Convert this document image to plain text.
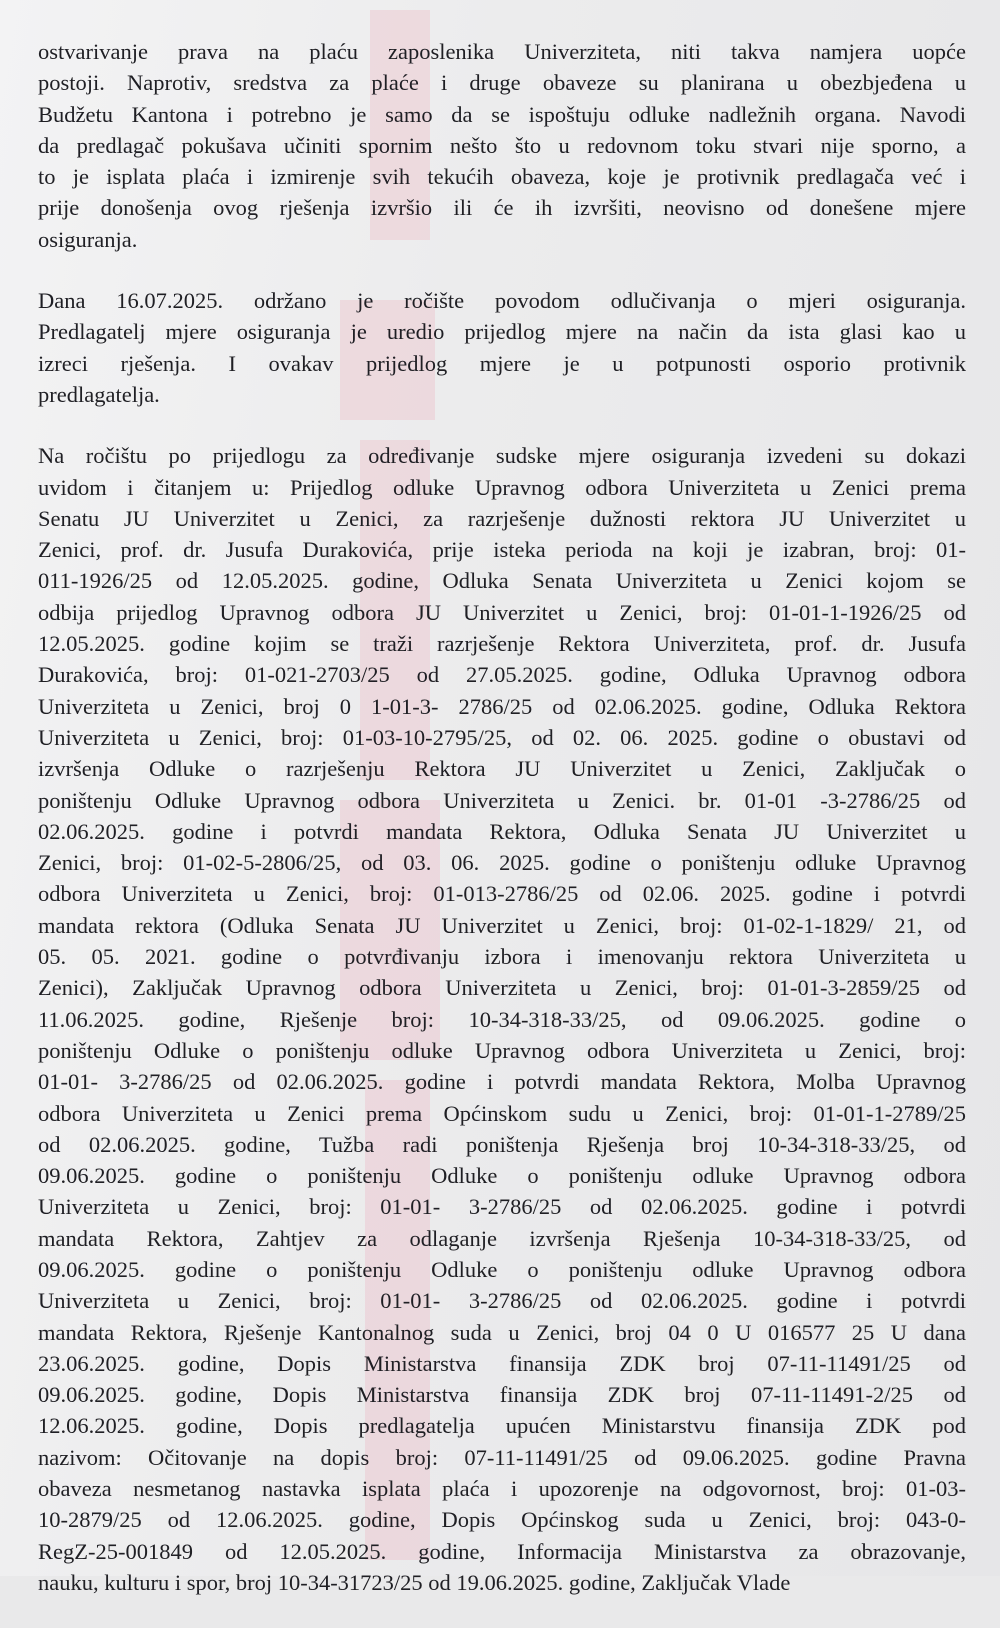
ostvarivanje prava na plaću zaposlenika Univerziteta, niti takva namjera uopće
postoji. Naprotiv, sredstva za plaće i druge obaveze su planirana u obezbjeđena u
Budžetu Kantona i potrebno je samo da se ispoštuju odluke nadležnih organa. Navodi
da predlagač pokušava učiniti spornim nešto što u redovnom toku stvari nije sporno, a
to je isplata plaća i izmirenje svih tekućih obaveza, koje je protivnik predlagača već i
prije donošenja ovog rješenja izvršio ili će ih izvršiti, neovisno od donešene mjere
osiguranja.
Dana 16.07.2025. održano je ročište povodom odlučivanja o mjeri osiguranja.
Predlagatelj mjere osiguranja je uredio prijedlog mjere na način da ista glasi kao u
izreci rješenja. I ovakav prijedlog mjere je u potpunosti osporio protivnik
predlagatelja.
Na ročištu po prijedlogu za određivanje sudske mjere osiguranja izvedeni su dokazi
uvidom i čitanjem u: Prijedlog odluke Upravnog odbora Univerziteta u Zenici prema
Senatu JU Univerzitet u Zenici, za razrješenje dužnosti rektora JU Univerzitet u
Zenici, prof. dr. Jusufa Durakovića, prije isteka perioda na koji je izabran, broj: 01-
011-1926/25 od 12.05.2025. godine, Odluka Senata Univerziteta u Zenici kojom se
odbija prijedlog Upravnog odbora JU Univerzitet u Zenici, broj: 01-01-1-1926/25 od
12.05.2025. godine kojim se traži razrješenje Rektora Univerziteta, prof. dr. Jusufa
Durakovića, broj: 01-021-2703/25 od 27.05.2025. godine, Odluka Upravnog odbora
Univerziteta u Zenici, broj 0 1-01-3- 2786/25 od 02.06.2025. godine, Odluka Rektora
Univerziteta u Zenici, broj: 01-03-10-2795/25, od 02. 06. 2025. godine o obustavi od
izvršenja Odluke o razrješenju Rektora JU Univerzitet u Zenici, Zaključak o
poništenju Odluke Upravnog odbora Univerziteta u Zenici. br. 01-01 -3-2786/25 od
02.06.2025. godine i potvrdi mandata Rektora, Odluka Senata JU Univerzitet u
Zenici, broj: 01-02-5-2806/25, od 03. 06. 2025. godine o poništenju odluke Upravnog
odbora Univerziteta u Zenici, broj: 01-013-2786/25 od 02.06. 2025. godine i potvrdi
mandata rektora (Odluka Senata JU Univerzitet u Zenici, broj: 01-02-1-1829/ 21, od
05. 05. 2021. godine o potvrđivanju izbora i imenovanju rektora Univerziteta u
Zenici), Zaključak Upravnog odbora Univerziteta u Zenici, broj: 01-01-3-2859/25 od
11.06.2025. godine, Rješenje broj: 10-34-318-33/25, od 09.06.2025. godine o
poništenju Odluke o poništenju odluke Upravnog odbora Univerziteta u Zenici, broj:
01-01- 3-2786/25 od 02.06.2025. godine i potvrdi mandata Rektora, Molba Upravnog
odbora Univerziteta u Zenici prema Općinskom sudu u Zenici, broj: 01-01-1-2789/25
od 02.06.2025. godine, Tužba radi poništenja Rješenja broj 10-34-318-33/25, od
09.06.2025. godine o poništenju Odluke o poništenju odluke Upravnog odbora
Univerziteta u Zenici, broj: 01-01- 3-2786/25 od 02.06.2025. godine i potvrdi
mandata Rektora, Zahtjev za odlaganje izvršenja Rješenja 10-34-318-33/25, od
09.06.2025. godine o poništenju Odluke o poništenju odluke Upravnog odbora
Univerziteta u Zenici, broj: 01-01- 3-2786/25 od 02.06.2025. godine i potvrdi
mandata Rektora, Rješenje Kantonalnog suda u Zenici, broj 04 0 U 016577 25 U dana
23.06.2025. godine, Dopis Ministarstva finansija ZDK broj 07-11-11491/25 od
09.06.2025. godine, Dopis Ministarstva finansija ZDK broj 07-11-11491-2/25 od
12.06.2025. godine, Dopis predlagatelja upućen Ministarstvu finansija ZDK pod
nazivom: Očitovanje na dopis broj: 07-11-11491/25 od 09.06.2025. godine Pravna
obaveza nesmetanog nastavka isplata plaća i upozorenje na odgovornost, broj: 01-03-
10-2879/25 od 12.06.2025. godine, Dopis Općinskog suda u Zenici, broj: 043-0-
RegZ-25-001849 od 12.05.2025. godine, Informacija Ministarstva za obrazovanje,
nauku, kulturu i spor, broj 10-34-31723/25 od 19.06.2025. godine, Zaključak Vlade
